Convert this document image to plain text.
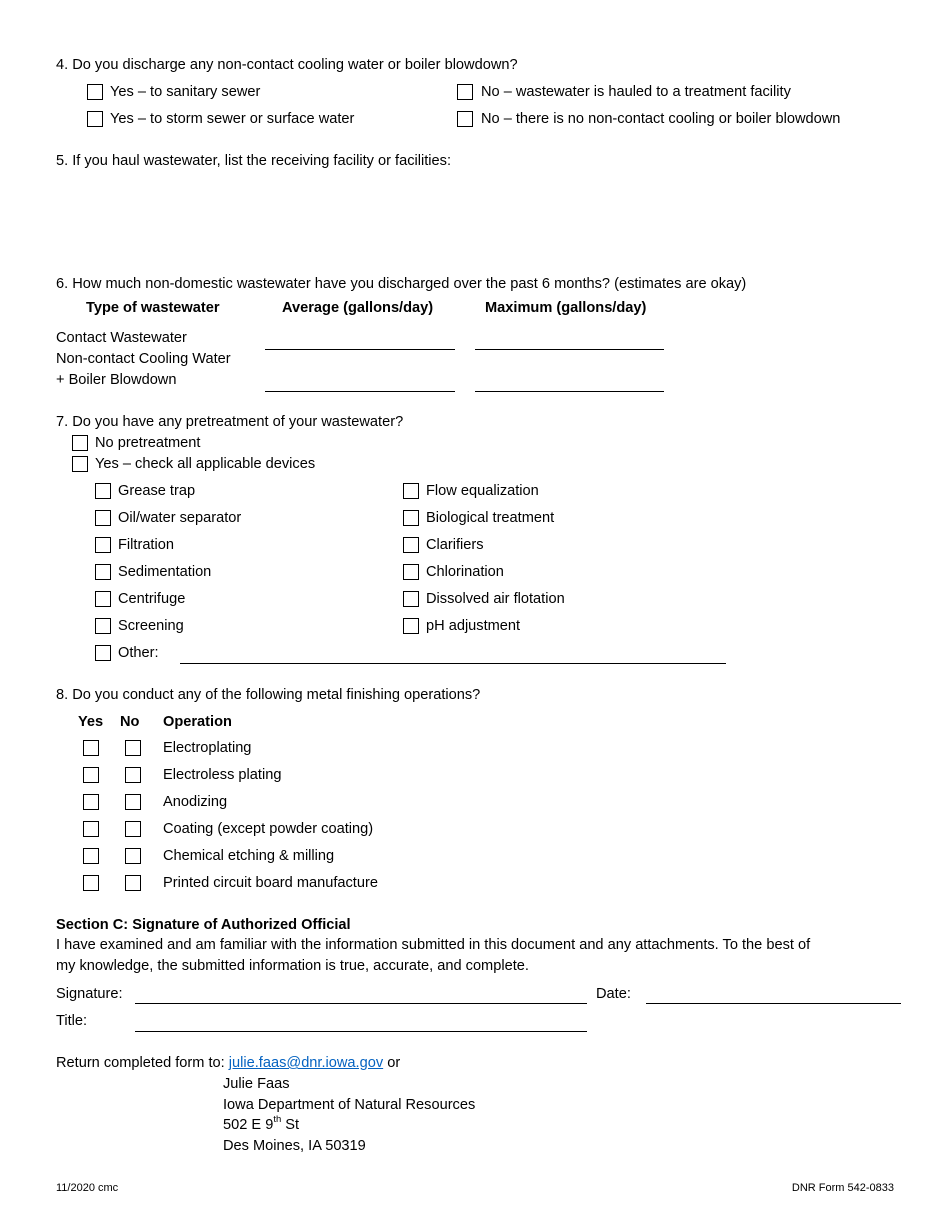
4. Do you discharge any non-contact cooling water or boiler blowdown?
Yes – to sanitary sewer	No – wastewater is hauled to a treatment facility
Yes – to storm sewer or surface water	No – there is no non-contact cooling or boiler blowdown
5. If you haul wastewater, list the receiving facility or facilities:
6. How much non-domestic wastewater have you discharged over the past 6 months? (estimates are okay)
Type of wastewater	Average (gallons/day)	Maximum (gallons/day)
Contact Wastewater
Non-contact Cooling Water
+ Boiler Blowdown
7. Do you have any pretreatment of your wastewater?
No pretreatment
Yes – check all applicable devices
Grease trap	Flow equalization
Oil/water separator	Biological treatment
Filtration	Clarifiers
Sedimentation	Chlorination
Centrifuge	Dissolved air flotation
Screening	pH adjustment
Other:
8. Do you conduct any of the following metal finishing operations?
Yes No Operation
Electroplating
Electroless plating
Anodizing
Coating (except powder coating)
Chemical etching & milling
Printed circuit board manufacture
Section C: Signature of Authorized Official
I have examined and am familiar with the information submitted in this document and any attachments. To the best of
my knowledge, the submitted information is true, accurate, and complete.
Signature:	Date:
Title:
Return completed form to: julie.faas@dnr.iowa.gov or
Julie Faas
Iowa Department of Natural Resources
502 E 9th St
Des Moines, IA 50319
11/2020 cmc	DNR Form 542-0833
